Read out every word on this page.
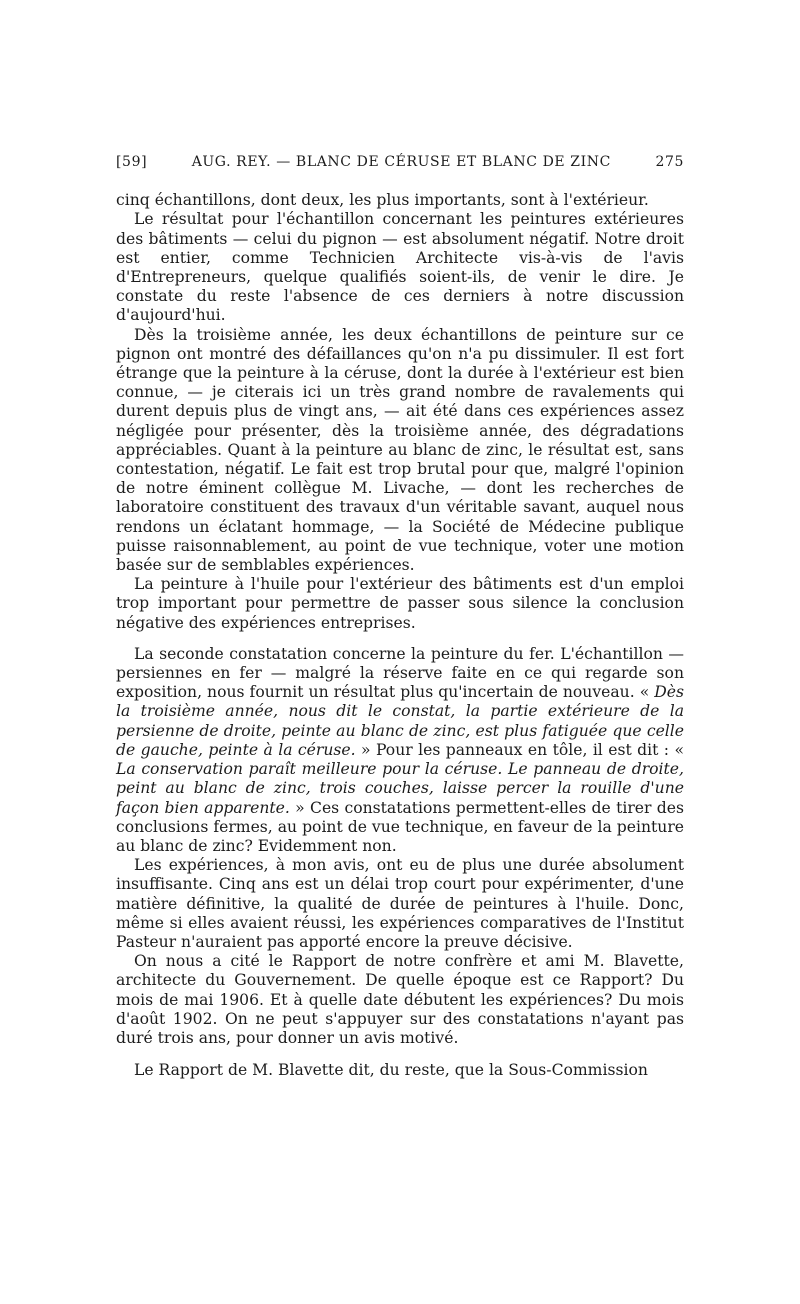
[59]	AUG. REY. — BLANC DE CÉRUSE ET BLANC DE ZINC	275

cinq échantillons, dont deux, les plus importants, sont à l'extérieur.

Le résultat pour l'échantillon concernant les peintures extérieures des bâtiments — celui du pignon — est absolument négatif. Notre droit est entier, comme Technicien Architecte vis-à-vis de l'avis d'Entrepreneurs, quelque qualifiés soient-ils, de venir le dire. Je constate du reste l'absence de ces derniers à notre discussion d'aujourd'hui.

Dès la troisième année, les deux échantillons de peinture sur ce pignon ont montré des défaillances qu'on n'a pu dissimuler. Il est fort étrange que la peinture à la céruse, dont la durée à l'extérieur est bien connue, — je citerais ici un très grand nombre de ravalements qui durent depuis plus de vingt ans, — ait été dans ces expériences assez négligée pour présenter, dès la troisième année, des dégradations appréciables. Quant à la peinture au blanc de zinc, le résultat est, sans contestation, négatif. Le fait est trop brutal pour que, malgré l'opinion de notre éminent collègue M. Livache, — dont les recherches de laboratoire constituent des travaux d'un véritable savant, auquel nous rendons un éclatant hommage, — la Société de Médecine publique puisse raisonnablement, au point de vue technique, voter une motion basée sur de semblables expériences.

La peinture à l'huile pour l'extérieur des bâtiments est d'un emploi trop important pour permettre de passer sous silence la conclusion négative des expériences entreprises.

La seconde constatation concerne la peinture du fer. L'échantillon — persiennes en fer — malgré la réserve faite en ce qui regarde son exposition, nous fournit un résultat plus qu'incertain de nouveau. « Dès la troisième année, nous dit le constat, la partie extérieure de la persienne de droite, peinte au blanc de zinc, est plus fatiguée que celle de gauche, peinte à la céruse. » Pour les panneaux en tôle, il est dit : « La conservation paraît meilleure pour la céruse. Le panneau de droite, peint au blanc de zinc, trois couches, laisse percer la rouille d'une façon bien apparente. » Ces constatations permettent-elles de tirer des conclusions fermes, au point de vue technique, en faveur de la peinture au blanc de zinc? Evidemment non.

Les expériences, à mon avis, ont eu de plus une durée absolument insuffisante. Cinq ans est un délai trop court pour expérimenter, d'une matière définitive, la qualité de durée de peintures à l'huile. Donc, même si elles avaient réussi, les expériences comparatives de l'Institut Pasteur n'auraient pas apporté encore la preuve décisive.

On nous a cité le Rapport de notre confrère et ami M. Blavette, architecte du Gouvernement. De quelle époque est ce Rapport? Du mois de mai 1906. Et à quelle date débutent les expériences? Du mois d'août 1902. On ne peut s'appuyer sur des constatations n'ayant pas duré trois ans, pour donner un avis motivé.

Le Rapport de M. Blavette dit, du reste, que la Sous-Commission
